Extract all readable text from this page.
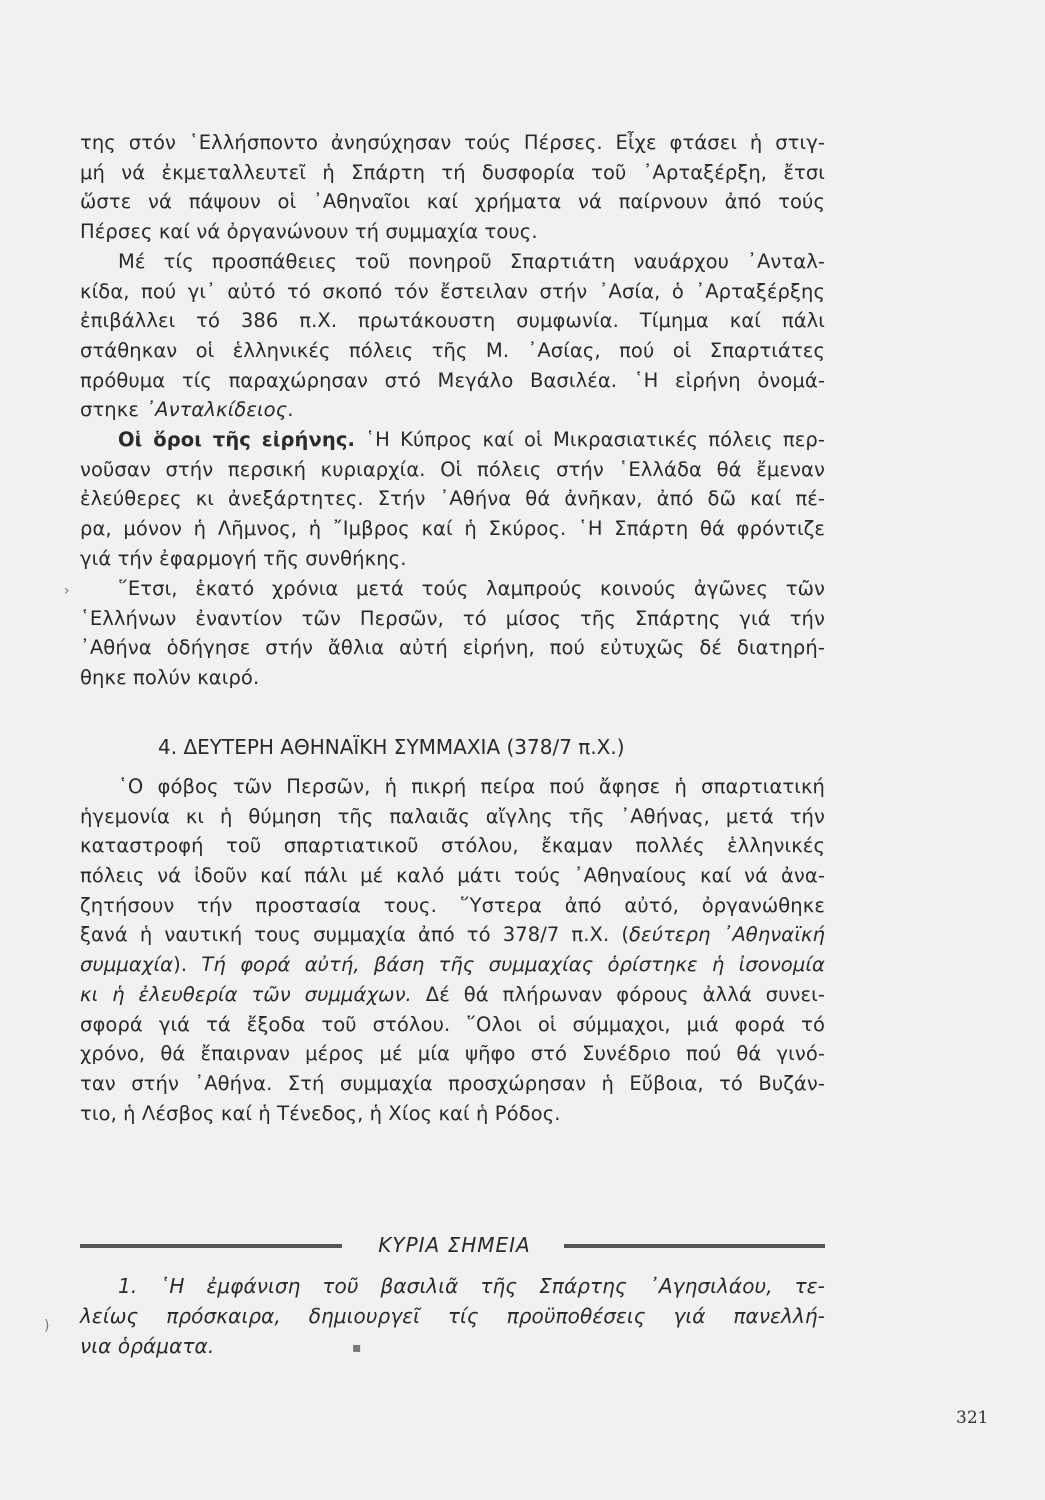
της στόν ῾Ελλήσποντο ἀνησύχησαν τούς Πέρσες. Εἶχε φτάσει ἡ στιγ-
μή νά ἐκμεταλλευτεῖ ἡ Σπάρτη τή δυσφορία τοῦ ᾿Αρταξέρξη, ἔτσι
ὥστε νά πάψουν οἱ ᾿Αθηναῖοι καί χρήματα νά παίρνουν ἀπό τούς
Πέρσες καί νά ὀργανώνουν τή συμμαχία τους.
Μέ τίς προσπάθειες τοῦ πονηροῦ Σπαρτιάτη ναυάρχου ᾿Ανταλ-
κίδα, πού γι᾿ αὐτό τό σκοπό τόν ἔστειλαν στήν ᾿Ασία, ὁ ᾿Αρταξέρξης
ἐπιβάλλει τό 386 π.Χ. πρωτάκουστη συμφωνία. Τίμημα καί πάλι
στάθηκαν οἱ ἑλληνικές πόλεις τῆς Μ. ᾿Ασίας, πού οἱ Σπαρτιάτες
πρόθυμα τίς παραχώρησαν στό Μεγάλο Βασιλέα. ῾Η εἰρήνη ὀνομά-
στηκε ᾿Ανταλκίδειος.
Οἱ ὅροι τῆς εἰρήνης. ῾Η Κύπρος καί οἱ Μικρασιατικές πόλεις περ-
νοῦσαν στήν περσική κυριαρχία. Οἱ πόλεις στήν ῾Ελλάδα θά ἔμεναν
ἐλεύθερες κι ἀνεξάρτητες. Στήν ᾿Αθήνα θά ἀνῆκαν, ἀπό δῶ καί πέ-
ρα, μόνον ἡ Λῆμνος, ἡ ῎Ιμβρος καί ἡ Σκύρος. ῾Η Σπάρτη θά φρόντιζε
γιά τήν ἐφαρμογή τῆς συνθήκης.
῞Ετσι, ἑκατό χρόνια μετά τούς λαμπρούς κοινούς ἀγῶνες τῶν
῾Ελλήνων ἐναντίον τῶν Περσῶν, τό μίσος τῆς Σπάρτης γιά τήν
᾿Αθήνα ὁδήγησε στήν ἄθλια αὐτή εἰρήνη, πού εὐτυχῶς δέ διατηρή-
θηκε πολύν καιρό.
4. ΔΕΥΤΕΡΗ ΑΘΗΝΑΪΚΗ ΣΥΜΜΑΧΙΑ (378/7 π.Χ.)
῾Ο φόβος τῶν Περσῶν, ἡ πικρή πείρα πού ἄφησε ἡ σπαρτιατική
ἡγεμονία κι ἡ θύμηση τῆς παλαιᾶς αἴγλης τῆς ᾿Αθήνας, μετά τήν
καταστροφή τοῦ σπαρτιατικοῦ στόλου, ἔκαμαν πολλές ἑλληνικές
πόλεις νά ἰδοῦν καί πάλι μέ καλό μάτι τούς ᾿Αθηναίους καί νά ἀνα-
ζητήσουν τήν προστασία τους. ῞Υστερα ἀπό αὐτό, ὀργανώθηκε
ξανά ἡ ναυτική τους συμμαχία ἀπό τό 378/7 π.Χ. (δεύτερη ᾿Αθηναϊκή
συμμαχία). Τή φορά αὐτή, βάση τῆς συμμαχίας ὁρίστηκε ἡ ἰσονομία
κι ἡ ἐλευθερία τῶν συμμάχων. Δέ θά πλήρωναν φόρους ἀλλά συνει-
σφορά γιά τά ἔξοδα τοῦ στόλου. ῞Ολοι οἱ σύμμαχοι, μιά φορά τό
χρόνο, θά ἔπαιρναν μέρος μέ μία ψῆφο στό Συνέδριο πού θά γινό-
ταν στήν ᾿Αθήνα. Στή συμμαχία προσχώρησαν ἡ Εὔβοια, τό Βυζάν-
τιο, ἡ Λέσβος καί ἡ Τένεδος, ἡ Χίος καί ἡ Ρόδος.
ΚΥΡΙΑ ΣΗΜΕΙΑ
1. ῾Η ἐμφάνιση τοῦ βασιλιᾶ τῆς Σπάρτης ᾿Αγησιλάου, τε-
λείως πρόσκαιρα, δημιουργεῖ τίς προϋποθέσεις γιά πανελλή-
νια ὁράματα.
321
›
)
▪
